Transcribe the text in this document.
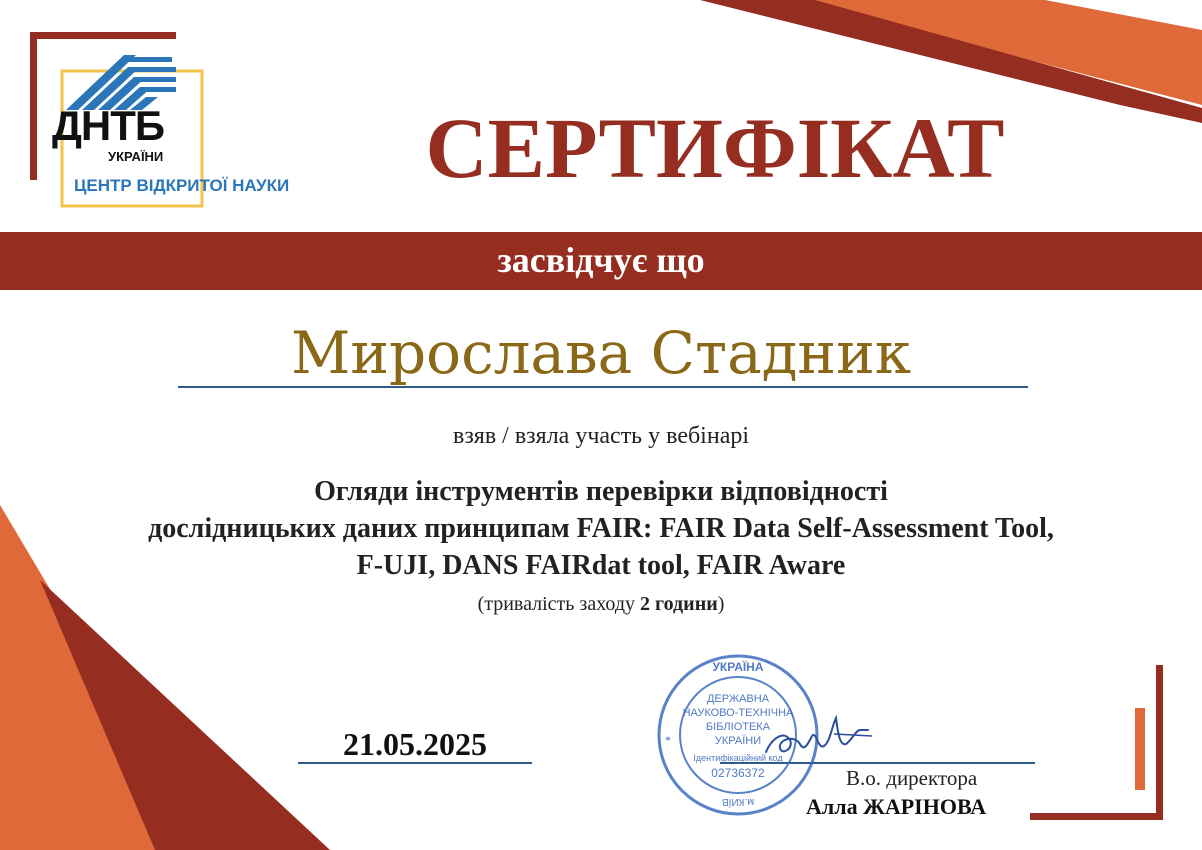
ДНТБ
УКРАЇНИ
ЦЕНТР ВІДКРИТОЇ НАУКИ	СЕРТИФІКАТ
засвідчує що
Мирослава Стадник
взяв / взяла участь у вебінарі
Огляди інструментів перевірки відповідності
дослідницьких даних принципам FAIR: FAIR Data Self-Assessment Tool,
F-UJI, DANS FAIRdat tool, FAIR Aware
(тривалість заходу 2 години)
21.05.2025
УКРАЇНА
ДЕРЖАВНА
НАУКОВО-ТЕХНІЧНА
БІБЛІОТЕКА
УКРАЇНИ
Ідентифікаційний код
02736372
м.КИЇВ
*
В.о. директора
Алла ЖАРІНОВА
